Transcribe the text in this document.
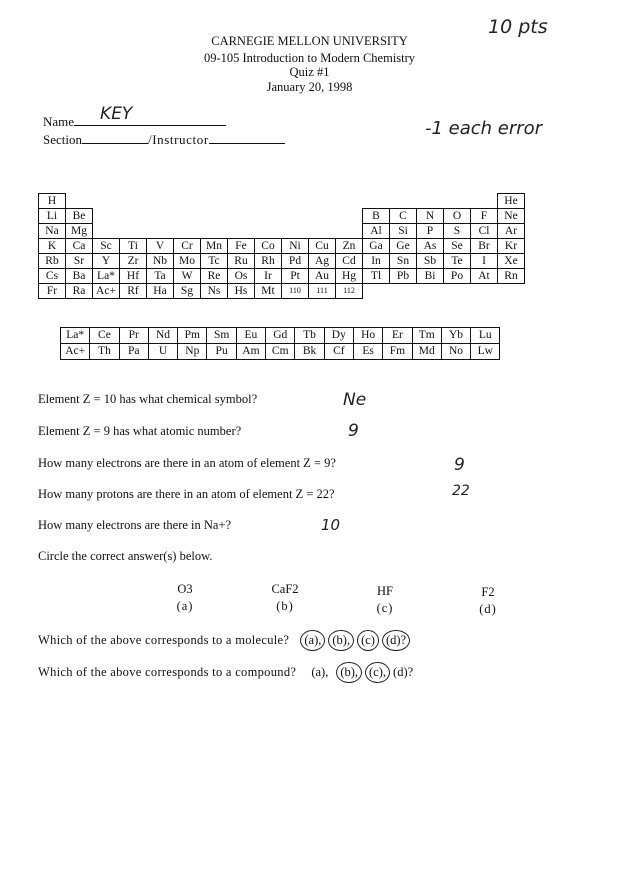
CARNEGIE MELLON UNIVERSITY
09-105 Introduction to Modern Chemistry
Quiz #1
January 20, 1998
10 pts
-1 each error
Name KEY
Section	/Instructor
H																	He
Li	Be											B	C	N	O	F	Ne
Na	Mg											Al	Si	P	S	Cl	Ar
K	Ca	Sc	Ti	V	Cr	Mn	Fe	Co	Ni	Cu	Zn	Ga	Ge	As	Se	Br	Kr
Rb	Sr	Y	Zr	Nb	Mo	Tc	Ru	Rh	Pd	Ag	Cd	In	Sn	Sb	Te	I	Xe
Cs	Ba	La*	Hf	Ta	W	Re	Os	Ir	Pt	Au	Hg	Tl	Pb	Bi	Po	At	Rn
Fr	Ra	Ac+	Rf	Ha	Sg	Ns	Hs	Mt	110	111	112						
La*	Ce	Pr	Nd	Pm	Sm	Eu	Gd	Tb	Dy	Ho	Er	Tm	Yb	Lu
Ac+	Th	Pa	U	Np	Pu	Am	Cm	Bk	Cf	Es	Fm	Md	No	Lw
Element Z = 10 has what chemical symbol?	Ne
Element Z = 9 has what atomic number?	9
How many electrons are there in an atom of element Z = 9?	9
How many protons are there in an atom of element Z = 22?	22
How many electrons are there in Na+?	10
Circle the correct answer(s) below.
O3
(a)
CaF2
(b)
HF
(c)
F2
(d)
Which of the above corresponds to a molecule? (a), (b), (c) (d)?
Which of the above corresponds to a compound? (a), (b), (c), (d)?
